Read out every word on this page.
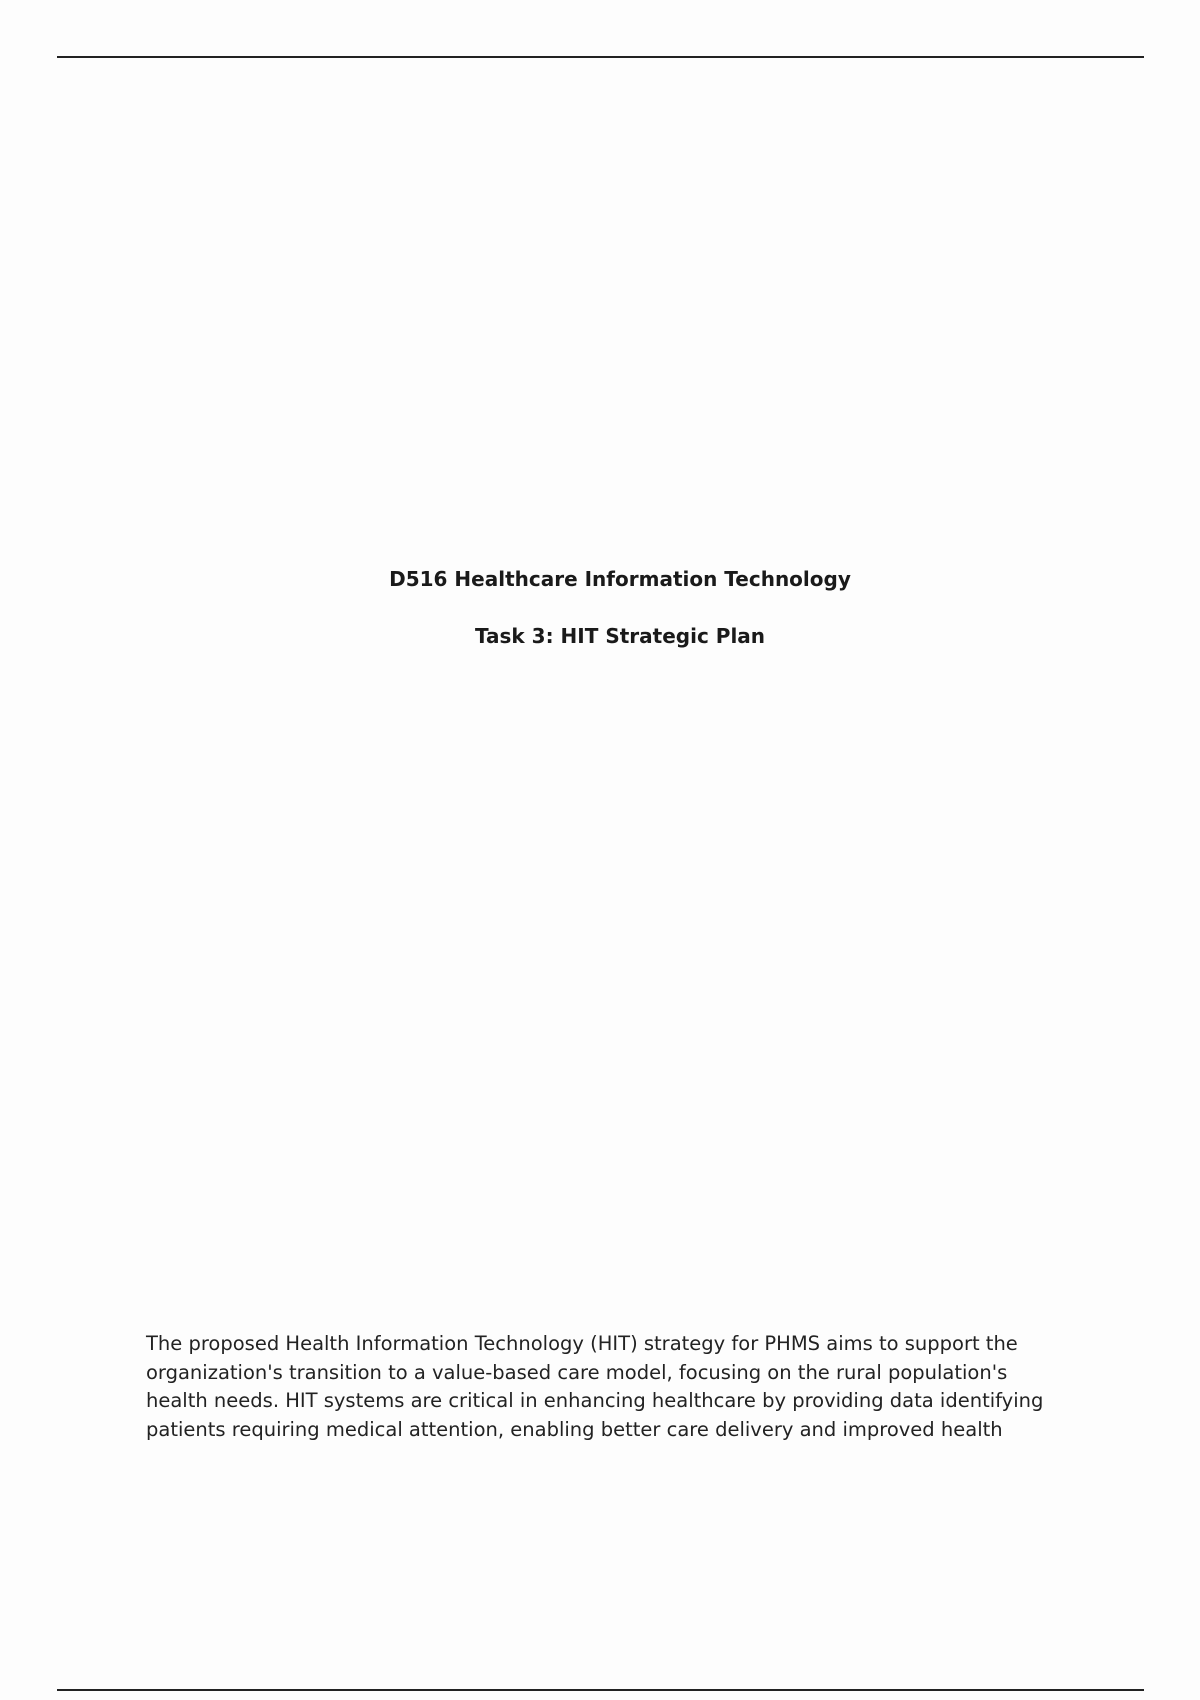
D516 Healthcare Information Technology
Task 3: HIT Strategic Plan

The proposed Health Information Technology (HIT) strategy for PHMS aims to support the
organization's transition to a value-based care model, focusing on the rural population's
health needs. HIT systems are critical in enhancing healthcare by providing data identifying
patients requiring medical attention, enabling better care delivery and improved health
